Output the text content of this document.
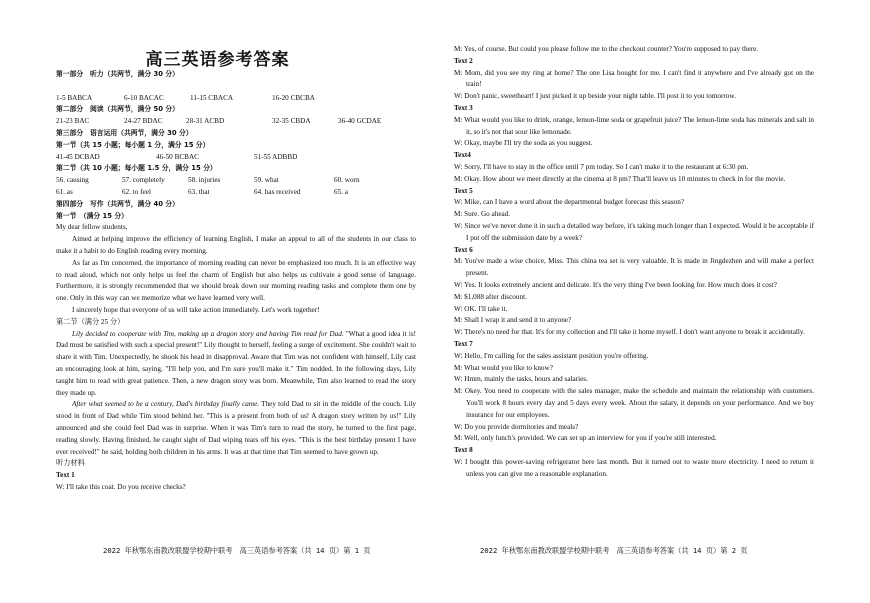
高三英语参考答案
第一部分　听力（共两节，满分 30 分）

1-5 BABCA	6-10 BACAC	11-15 CBACA	16-20 CBCBA
第二部分　阅读（共两节，满分 50 分）
21-23 BAC	24-27 BDAC	28-31 ACBD	32-35 CBDA	36-40 GCDAE
第三部分　语言运用（共两节，满分 30 分）
第一节（共 15 小题；每小题 1 分，满分 15 分）
41-45 DCBAD	46-50 BCBAC	51-55 ADBBD
第二节（共 10 小题；每小题 1.5 分，满分 15 分）
56. causing	57. completely	58. injuries	59. what	60. worn
61. as	62. to feel	63. that	64. has received	65. a
第四部分　写作（共两节，满分 40 分）
第一节　（满分 15 分）
My dear fellow students,

Aimed at helping improve the efficiency of learning English, I make an appeal to all of the students in our class to make it a habit to do English reading every morning.

As far as I'm concerned, the importance of morning reading can never be emphasized too much. It is an effective way to read aloud, which not only helps us feel the charm of English but also helps us cultivate a good sense of language. Furthermore, it is strongly recommended that we should break down our morning reading tasks and complete them one by one. Only in this way can we memorize what we have learned very well.

I sincerely hope that everyone of us will take action immediately. Let's work together!

第二节（满分 25 分）

Lily decided to cooperate with Tim, making up a dragon story and having Tim read for Dad. "What a good idea it is! Dad must be satisfied with such a special present!" Lily thought to herself, feeling a surge of excitement. She couldn't wait to share it with Tim. Unexpectedly, he shook his head in disapproval. Aware that Tim was not confident with himself, Lily cast an encouraging look at him, saying, "I'll help you, and I'm sure you'll make it." Tim nodded. In the following days, Lily taught him to read with great patience. Then, a new dragon story was born. Meanwhile, Tim also learned to read the story they made up.

After what seemed to be a century, Dad's birthday finally came. They told Dad to sit in the middle of the couch. Lily stood in front of Dad while Tim stood behind her. "This is a present from both of us! A dragon story written by us!" Lily announced and she could feel Dad was in surprise. When it was Tim's turn to read the story, he turned to the first page, reading slowly. Having finished, he caught sight of Dad wiping tears off his eyes. "This is the best birthday present I have ever received!" he said, holding both children in his arms. It was at that time that Tim seemed to have grown up.

听力材料
Text 1
W: I'll take this coat. Do you receive checks?
2022 年秋鄂东南教改联盟学校期中联考　高三英语参考答案（共 14 页）第 1 页
M: Yes, of course. But could you please follow me to the checkout counter? You're supposed to pay there.
Text 2
M: Mom, did you see my ring at home? The one Lisa bought for me. I can't find it anywhere and I've already got on the train!
W: Don't panic, sweetheart! I just picked it up beside your night table. I'll post it to you tomorrow.
Text 3
M: What would you like to drink, orange, lemon-lime soda or grapefruit juice? The lemon-lime soda has minerals and salt in it, so it's not that sour like lemonade.
W: Okay, maybe I'll try the soda as you suggest.
Text4
W: Sorry, I'll have to stay in the office until 7 pm today. So I can't make it to the restaurant at 6:30 pm.
M: Okay. How about we meet directly at the cinema at 8 pm? That'll leave us 10 minutes to check in for the movie.
Text 5
W: Mike, can I have a word about the departmental budget forecast this season?
M: Sure. Go ahead.
W: Since we've never done it in such a detailed way before, it's taking much longer than I expected. Would it be acceptable if I put off the submission date by a week?
Text 6
M: You've made a wise choice, Miss. This china tea set is very valuable. It is made in Jingdezhen and will make a perfect present.
W: Yes. It looks extremely ancient and delicate. It's the very thing I've been looking for. How much does it cost?
M: $1,088 after discount.
W: OK. I'll take it.
M: Shall I wrap it and send it to anyone?
W: There's no need for that. It's for my collection and I'll take it home myself. I don't want anyone to break it accidentally.
Text 7
W: Hello, I'm calling for the sales assistant position you're offering.
M: What would you like to know?
W: Hmm, mainly the tasks, hours and salaries.
M: Okey. You need to cooperate with the sales manager, make the schedule and maintain the relationship with customers. You'll work 8 hours every day and 5 days every week. About the salary, it depends on your performance. And we buy insurance for our employees.
W: Do you provide dormitories and meals?
M: Well, only lunch's provided. We can set up an interview for you if you're still interested.
Text 8
W: I bought this power-saving refrigerator here last month. But it turned out to waste more electricity. I need to return it unless you can give me a reasonable explanation.
2022 年秋鄂东南教改联盟学校期中联考　高三英语参考答案（共 14 页）第 2 页
